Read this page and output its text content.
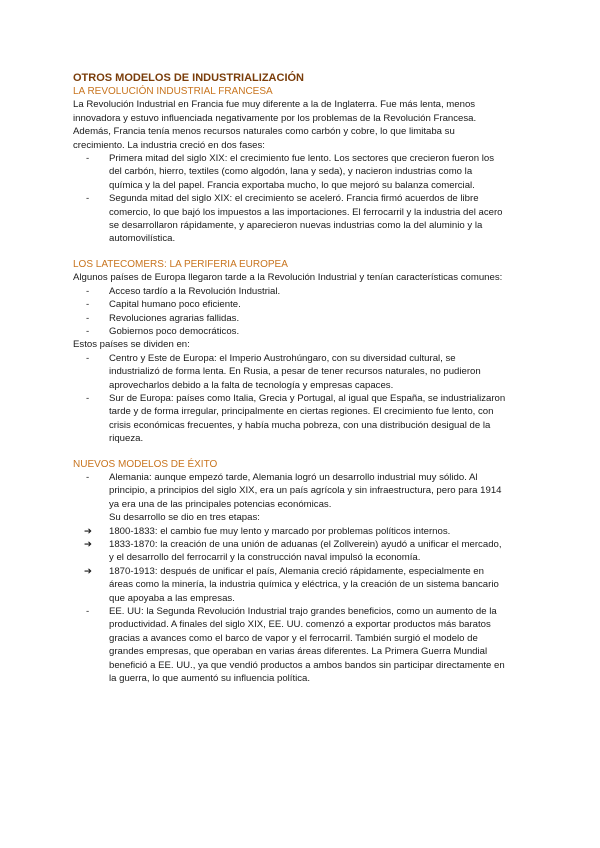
OTROS MODELOS DE INDUSTRIALIZACIÓN
LA REVOLUCIÓN INDUSTRIAL FRANCESA
La Revolución Industrial en Francia fue muy diferente a la de Inglaterra. Fue más lenta, menos
innovadora y estuvo influenciada negativamente por los problemas de la Revolución Francesa.
Además, Francia tenía menos recursos naturales como carbón y cobre, lo que limitaba su
crecimiento. La industria creció en dos fases:
- Primera mitad del siglo XIX: el crecimiento fue lento. Los sectores que crecieron fueron los
del carbón, hierro, textiles (como algodón, lana y seda), y nacieron industrias como la
química y la del papel. Francia exportaba mucho, lo que mejoró su balanza comercial.
- Segunda mitad del siglo XIX: el crecimiento se aceleró. Francia firmó acuerdos de libre
comercio, lo que bajó los impuestos a las importaciones. El ferrocarril y la industria del acero
se desarrollaron rápidamente, y aparecieron nuevas industrias como la del aluminio y la
automovilística.
LOS LATECOMERS: LA PERIFERIA EUROPEA
Algunos países de Europa llegaron tarde a la Revolución Industrial y tenían características comunes:
- Acceso tardío a la Revolución Industrial.
- Capital humano poco eficiente.
- Revoluciones agrarias fallidas.
- Gobiernos poco democráticos.
Estos países se dividen en:
- Centro y Este de Europa: el Imperio Austrohúngaro, con su diversidad cultural, se
industrializó de forma lenta. En Rusia, a pesar de tener recursos naturales, no pudieron
aprovecharlos debido a la falta de tecnología y empresas capaces.
- Sur de Europa: países como Italia, Grecia y Portugal, al igual que España, se industrializaron
tarde y de forma irregular, principalmente en ciertas regiones. El crecimiento fue lento, con
crisis económicas frecuentes, y había mucha pobreza, con una distribución desigual de la
riqueza.
NUEVOS MODELOS DE ÉXITO
- Alemania: aunque empezó tarde, Alemania logró un desarrollo industrial muy sólido. Al
principio, a principios del siglo XIX, era un país agrícola y sin infraestructura, pero para 1914
ya era una de las principales potencias económicas.
Su desarrollo se dio en tres etapas:
➔ 1800-1833: el cambio fue muy lento y marcado por problemas políticos internos.
➔ 1833-1870: la creación de una unión de aduanas (el Zollverein) ayudó a unificar el mercado,
y el desarrollo del ferrocarril y la construcción naval impulsó la economía.
➔ 1870-1913: después de unificar el país, Alemania creció rápidamente, especialmente en
áreas como la minería, la industria química y eléctrica, y la creación de un sistema bancario
que apoyaba a las empresas.
- EE. UU: la Segunda Revolución Industrial trajo grandes beneficios, como un aumento de la
productividad. A finales del siglo XIX, EE. UU. comenzó a exportar productos más baratos
gracias a avances como el barco de vapor y el ferrocarril. También surgió el modelo de
grandes empresas, que operaban en varias áreas diferentes. La Primera Guerra Mundial
benefició a EE. UU., ya que vendió productos a ambos bandos sin participar directamente en
la guerra, lo que aumentó su influencia política.
